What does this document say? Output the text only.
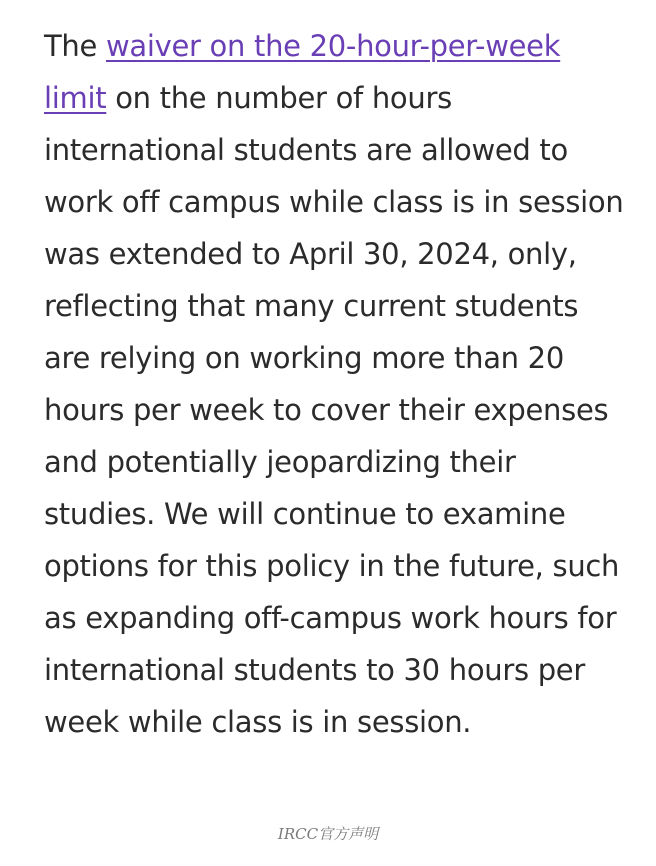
The waiver on the 20-hour-per-week limit on the number of hours international students are allowed to work off campus while class is in session was extended to April 30, 2024, only, reflecting that many current students are relying on working more than 20 hours per week to cover their expenses and potentially jeopardizing their studies. We will continue to examine options for this policy in the future, such as expanding off-campus work hours for international students to 30 hours per week while class is in session.

IRCC官方声明
